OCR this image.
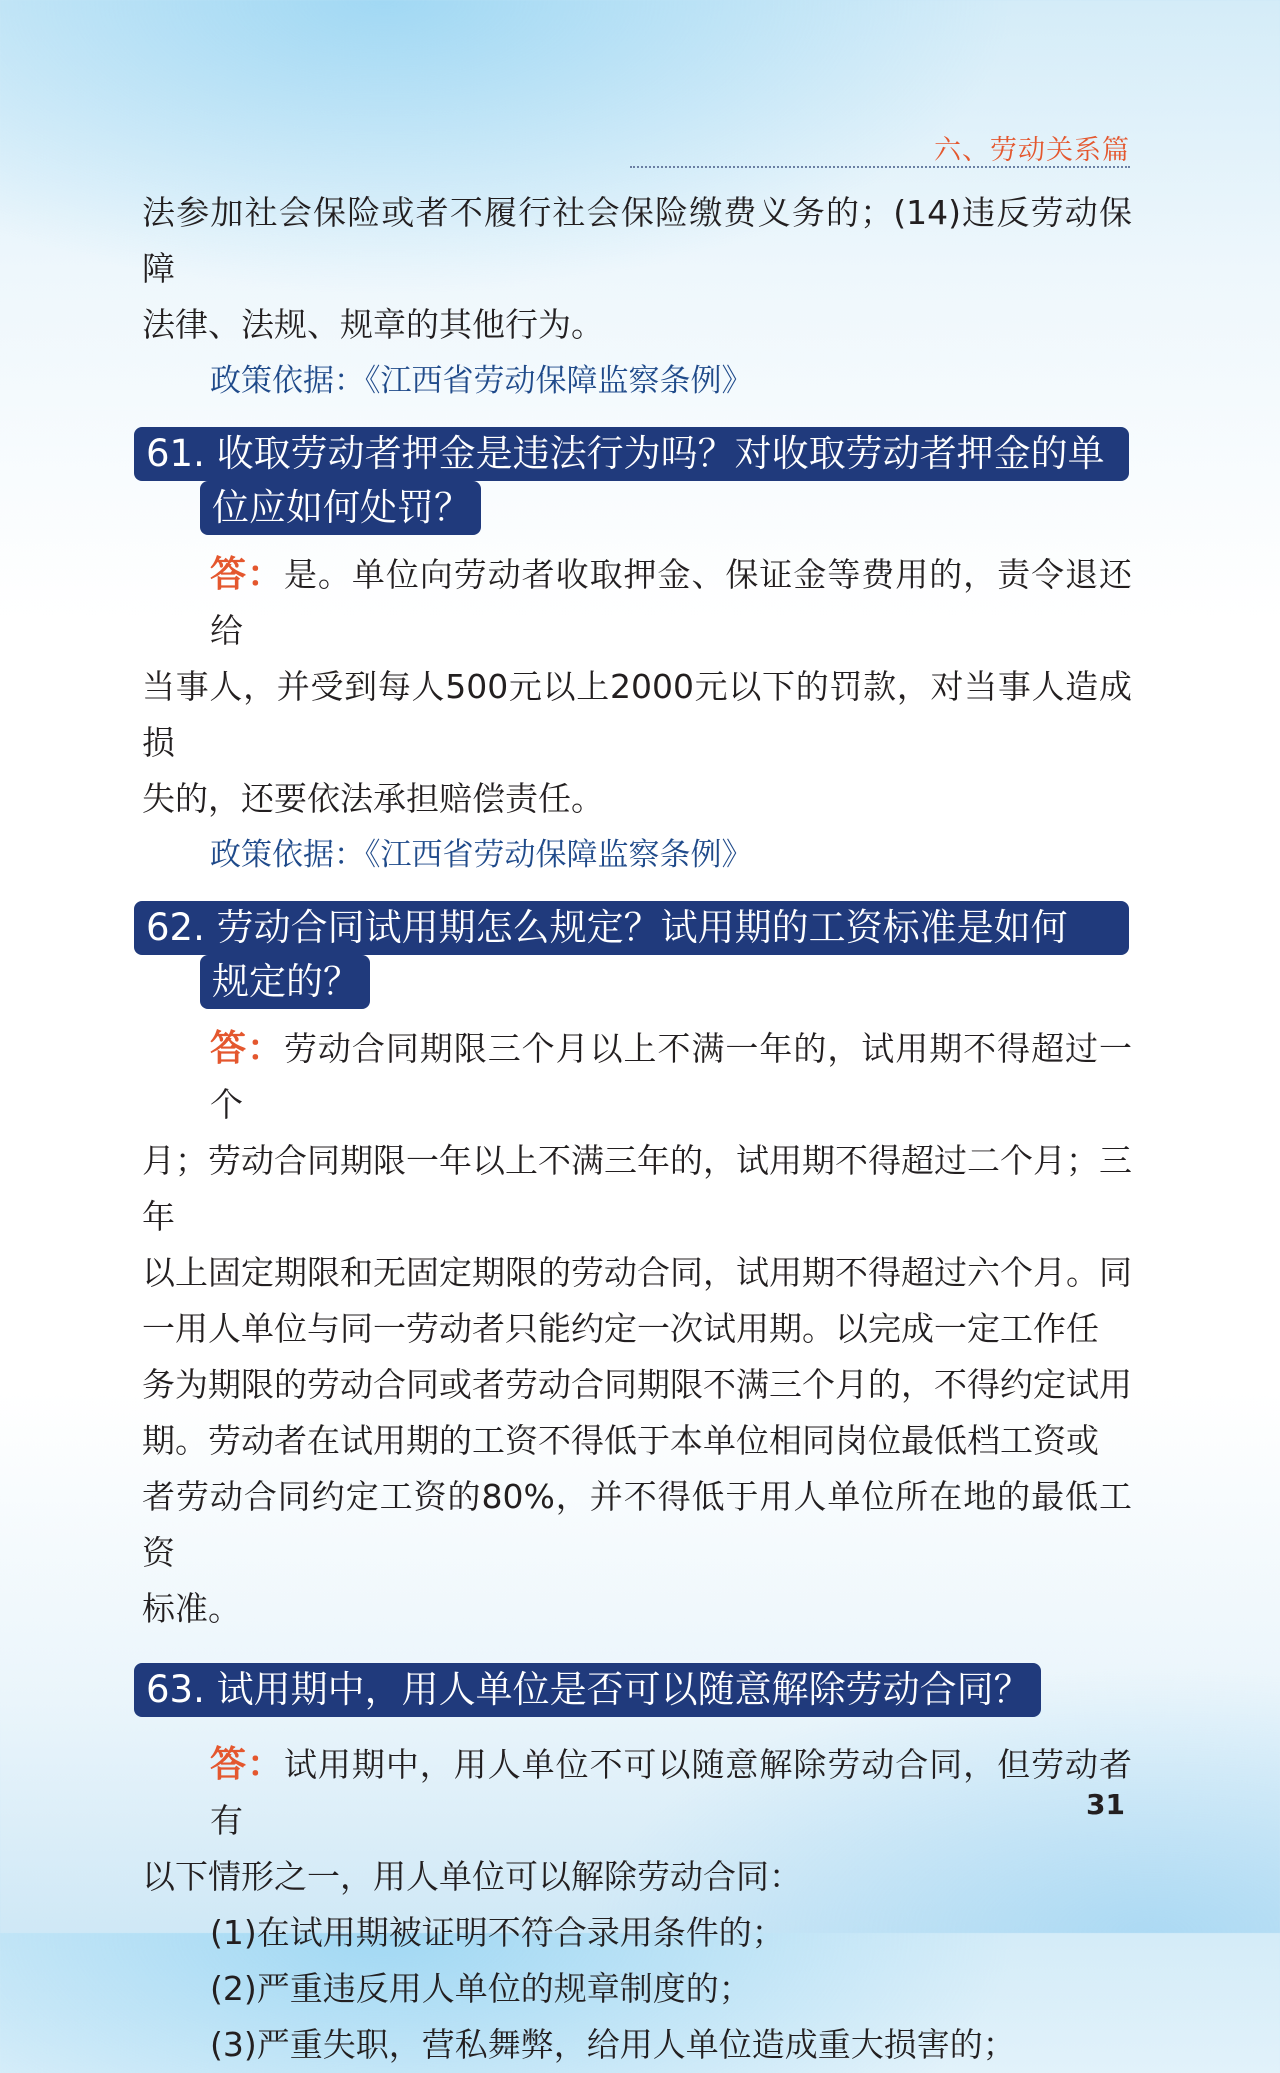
六、劳动关系篇

法参加社会保险或者不履行社会保险缴费义务的；(14)违反劳动保障

法律、法规、规章的其他行为。

政策依据：《江西省劳动保障监察条例》

61. 收取劳动者押金是违法行为吗？对收取劳动者押金的单
位应如何处罚？

答：是。单位向劳动者收取押金、保证金等费用的，责令退还给

当事人，并受到每人500元以上2000元以下的罚款，对当事人造成损

失的，还要依法承担赔偿责任。

政策依据：《江西省劳动保障监察条例》

62. 劳动合同试用期怎么规定？试用期的工资标准是如何
规定的？

答：劳动合同期限三个月以上不满一年的，试用期不得超过一个

月；劳动合同期限一年以上不满三年的，试用期不得超过二个月；三年

以上固定期限和无固定期限的劳动合同，试用期不得超过六个月。同

一用人单位与同一劳动者只能约定一次试用期。以完成一定工作任

务为期限的劳动合同或者劳动合同期限不满三个月的，不得约定试用

期。劳动者在试用期的工资不得低于本单位相同岗位最低档工资或

者劳动合同约定工资的80%，并不得低于用人单位所在地的最低工资

标准。

63. 试用期中，用人单位是否可以随意解除劳动合同？

答：试用期中，用人单位不可以随意解除劳动合同，但劳动者有

以下情形之一，用人单位可以解除劳动合同：

(1)在试用期被证明不符合录用条件的；

(2)严重违反用人单位的规章制度的；

(3)严重失职，营私舞弊，给用人单位造成重大损害的；

31
